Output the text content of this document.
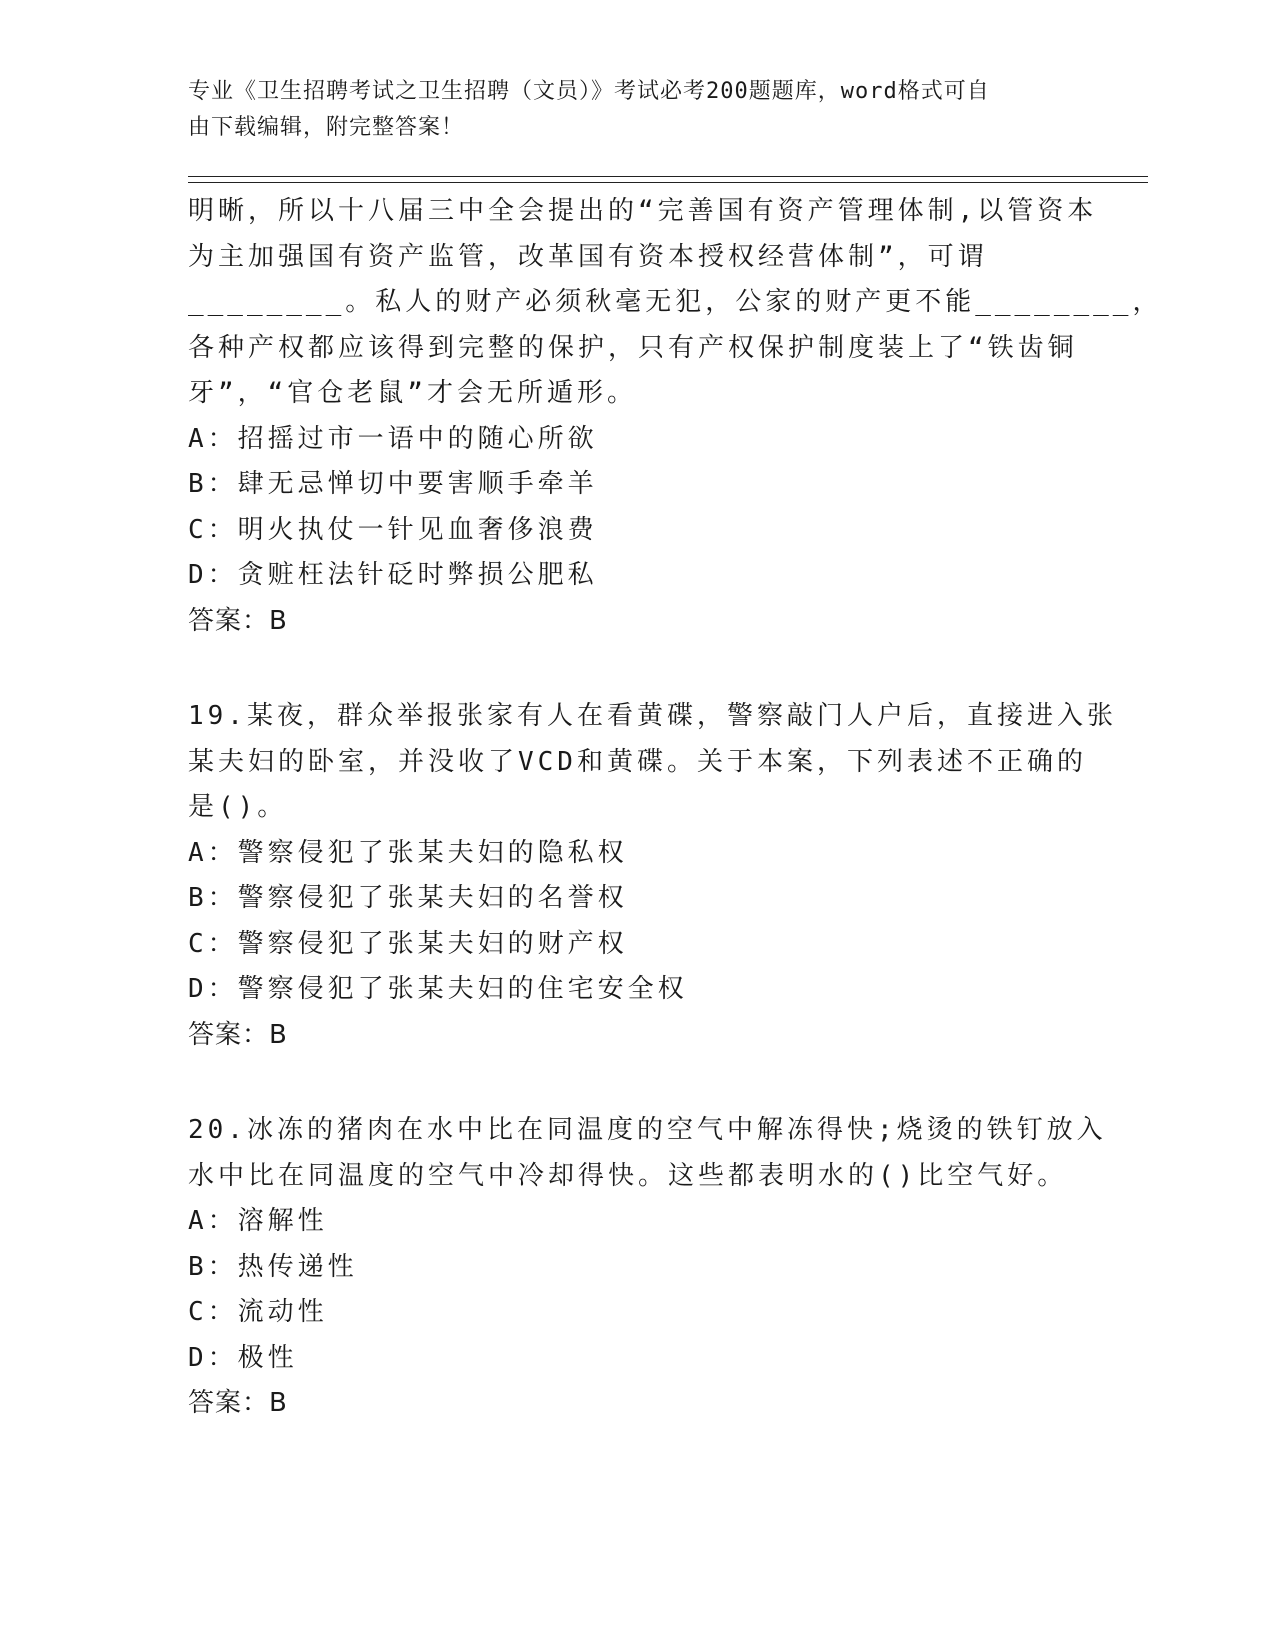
专业《卫生招聘考试之卫生招聘（文员）》考试必考200题题库，word格式可自
由下载编辑，附完整答案！
明晰，所以十八届三中全会提出的“完善国有资产管理体制,以管资本
为主加强国有资产监管，改革国有资本授权经营体制”，可谓
________。私人的财产必须秋毫无犯，公家的财产更不能________，
各种产权都应该得到完整的保护，只有产权保护制度装上了“铁齿铜
牙”，“官仓老鼠”才会无所遁形。
A：招摇过市一语中的随心所欲
B：肆无忌惮切中要害顺手牵羊
C：明火执仗一针见血奢侈浪费
D：贪赃枉法针砭时弊损公肥私
答案：B
19.某夜，群众举报张家有人在看黄碟，警察敲门人户后，直接进入张
某夫妇的卧室，并没收了VCD和黄碟。关于本案，下列表述不正确的
是()。
A：警察侵犯了张某夫妇的隐私权
B：警察侵犯了张某夫妇的名誉权
C：警察侵犯了张某夫妇的财产权
D：警察侵犯了张某夫妇的住宅安全权
答案：B
20.冰冻的猪肉在水中比在同温度的空气中解冻得快;烧烫的铁钉放入
水中比在同温度的空气中冷却得快。这些都表明水的()比空气好。
A：溶解性
B：热传递性
C：流动性
D：极性
答案：B
